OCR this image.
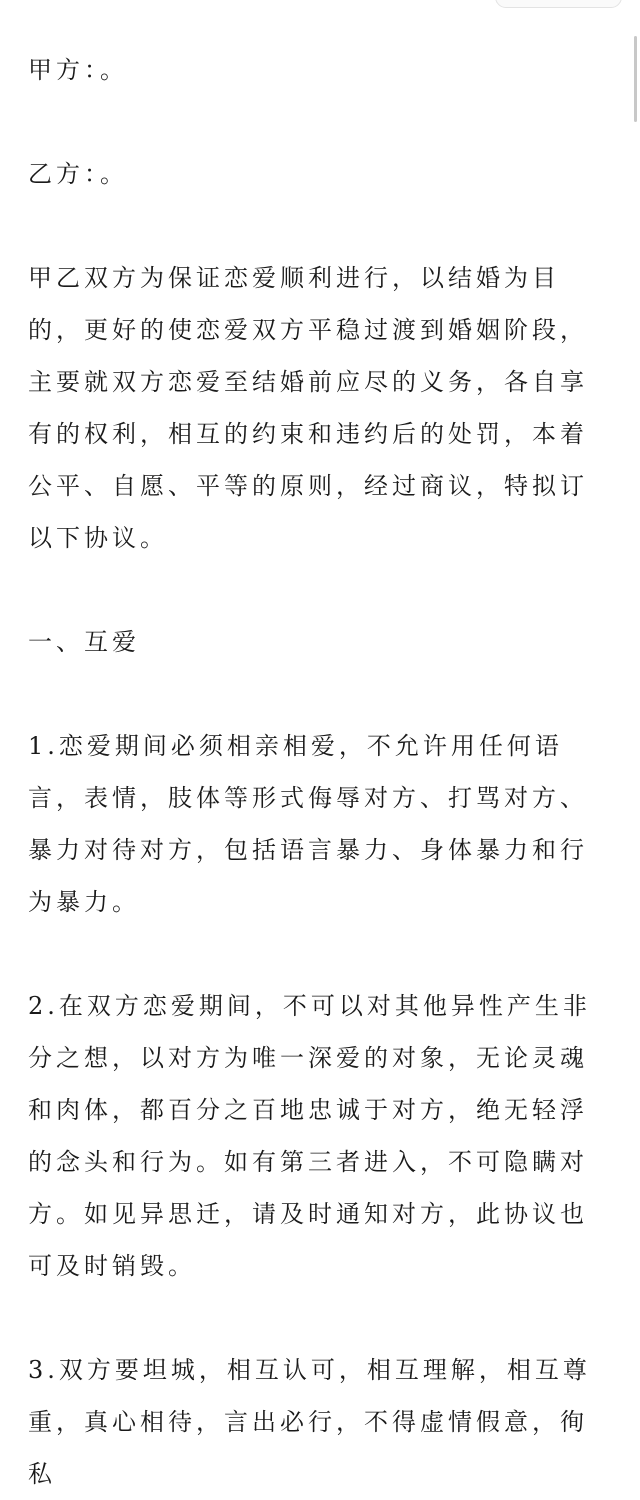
甲方：。

乙方：。

甲乙双方为保证恋爱顺利进行，以结婚为目的，更好的使恋爱双方平稳过渡到婚姻阶段，主要就双方恋爱至结婚前应尽的义务，各自享有的权利，相互的约束和违约后的处罚，本着公平、自愿、平等的原则，经过商议，特拟订以下协议。

一、互爱

1.恋爱期间必须相亲相爱，不允许用任何语言，表情，肢体等形式侮辱对方、打骂对方、暴力对待对方，包括语言暴力、身体暴力和行为暴力。

2.在双方恋爱期间，不可以对其他异性产生非分之想，以对方为唯一深爱的对象，无论灵魂和肉体，都百分之百地忠诚于对方，绝无轻浮的念头和行为。如有第三者进入，不可隐瞒对方。如见异思迁，请及时通知对方，此协议也可及时销毁。

3.双方要坦城，相互认可，相互理解，相互尊重，真心相待，言出必行，不得虚情假意，徇私
